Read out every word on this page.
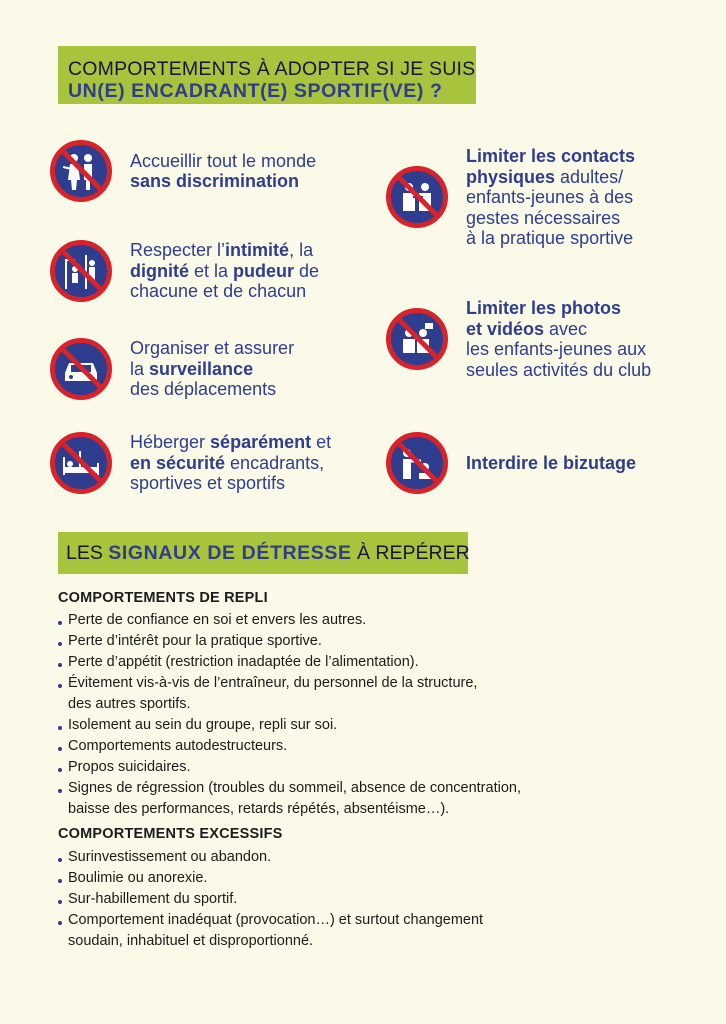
COMPORTEMENTS À ADOPTER SI JE SUIS
UN(E) ENCADRANT(E) SPORTIF(VE) ?
Accueillir tout le monde
sans discrimination
Respecter l’intimité, la
dignité et la pudeur de
chacune et de chacun
Organiser et assurer
la surveillance
des déplacements
Héberger séparément et
en sécurité encadrants,
sportives et sportifs
Limiter les contacts
physiques adultes/
enfants-jeunes à des
gestes nécessaires
à la pratique sportive
Limiter les photos
et vidéos avec
les enfants-jeunes aux
seules activités du club
Interdire le bizutage
LES SIGNAUX DE DÉTRESSE À REPÉRER
COMPORTEMENTS DE REPLI
Perte de confiance en soi et envers les autres.
Perte d’intérêt pour la pratique sportive.
Perte d’appétit (restriction inadaptée de l’alimentation).
Évitement vis-à-vis de l’entraîneur, du personnel de la structure,
des autres sportifs.
Isolement au sein du groupe, repli sur soi.
Comportements autodestructeurs.
Propos suicidaires.
Signes de régression (troubles du sommeil, absence de concentration,
baisse des performances, retards répétés, absentéisme…).
COMPORTEMENTS EXCESSIFS
Surinvestissement ou abandon.
Boulimie ou anorexie.
Sur-habillement du sportif.
Comportement inadéquat (provocation…) et surtout changement
soudain, inhabituel et disproportionné.
